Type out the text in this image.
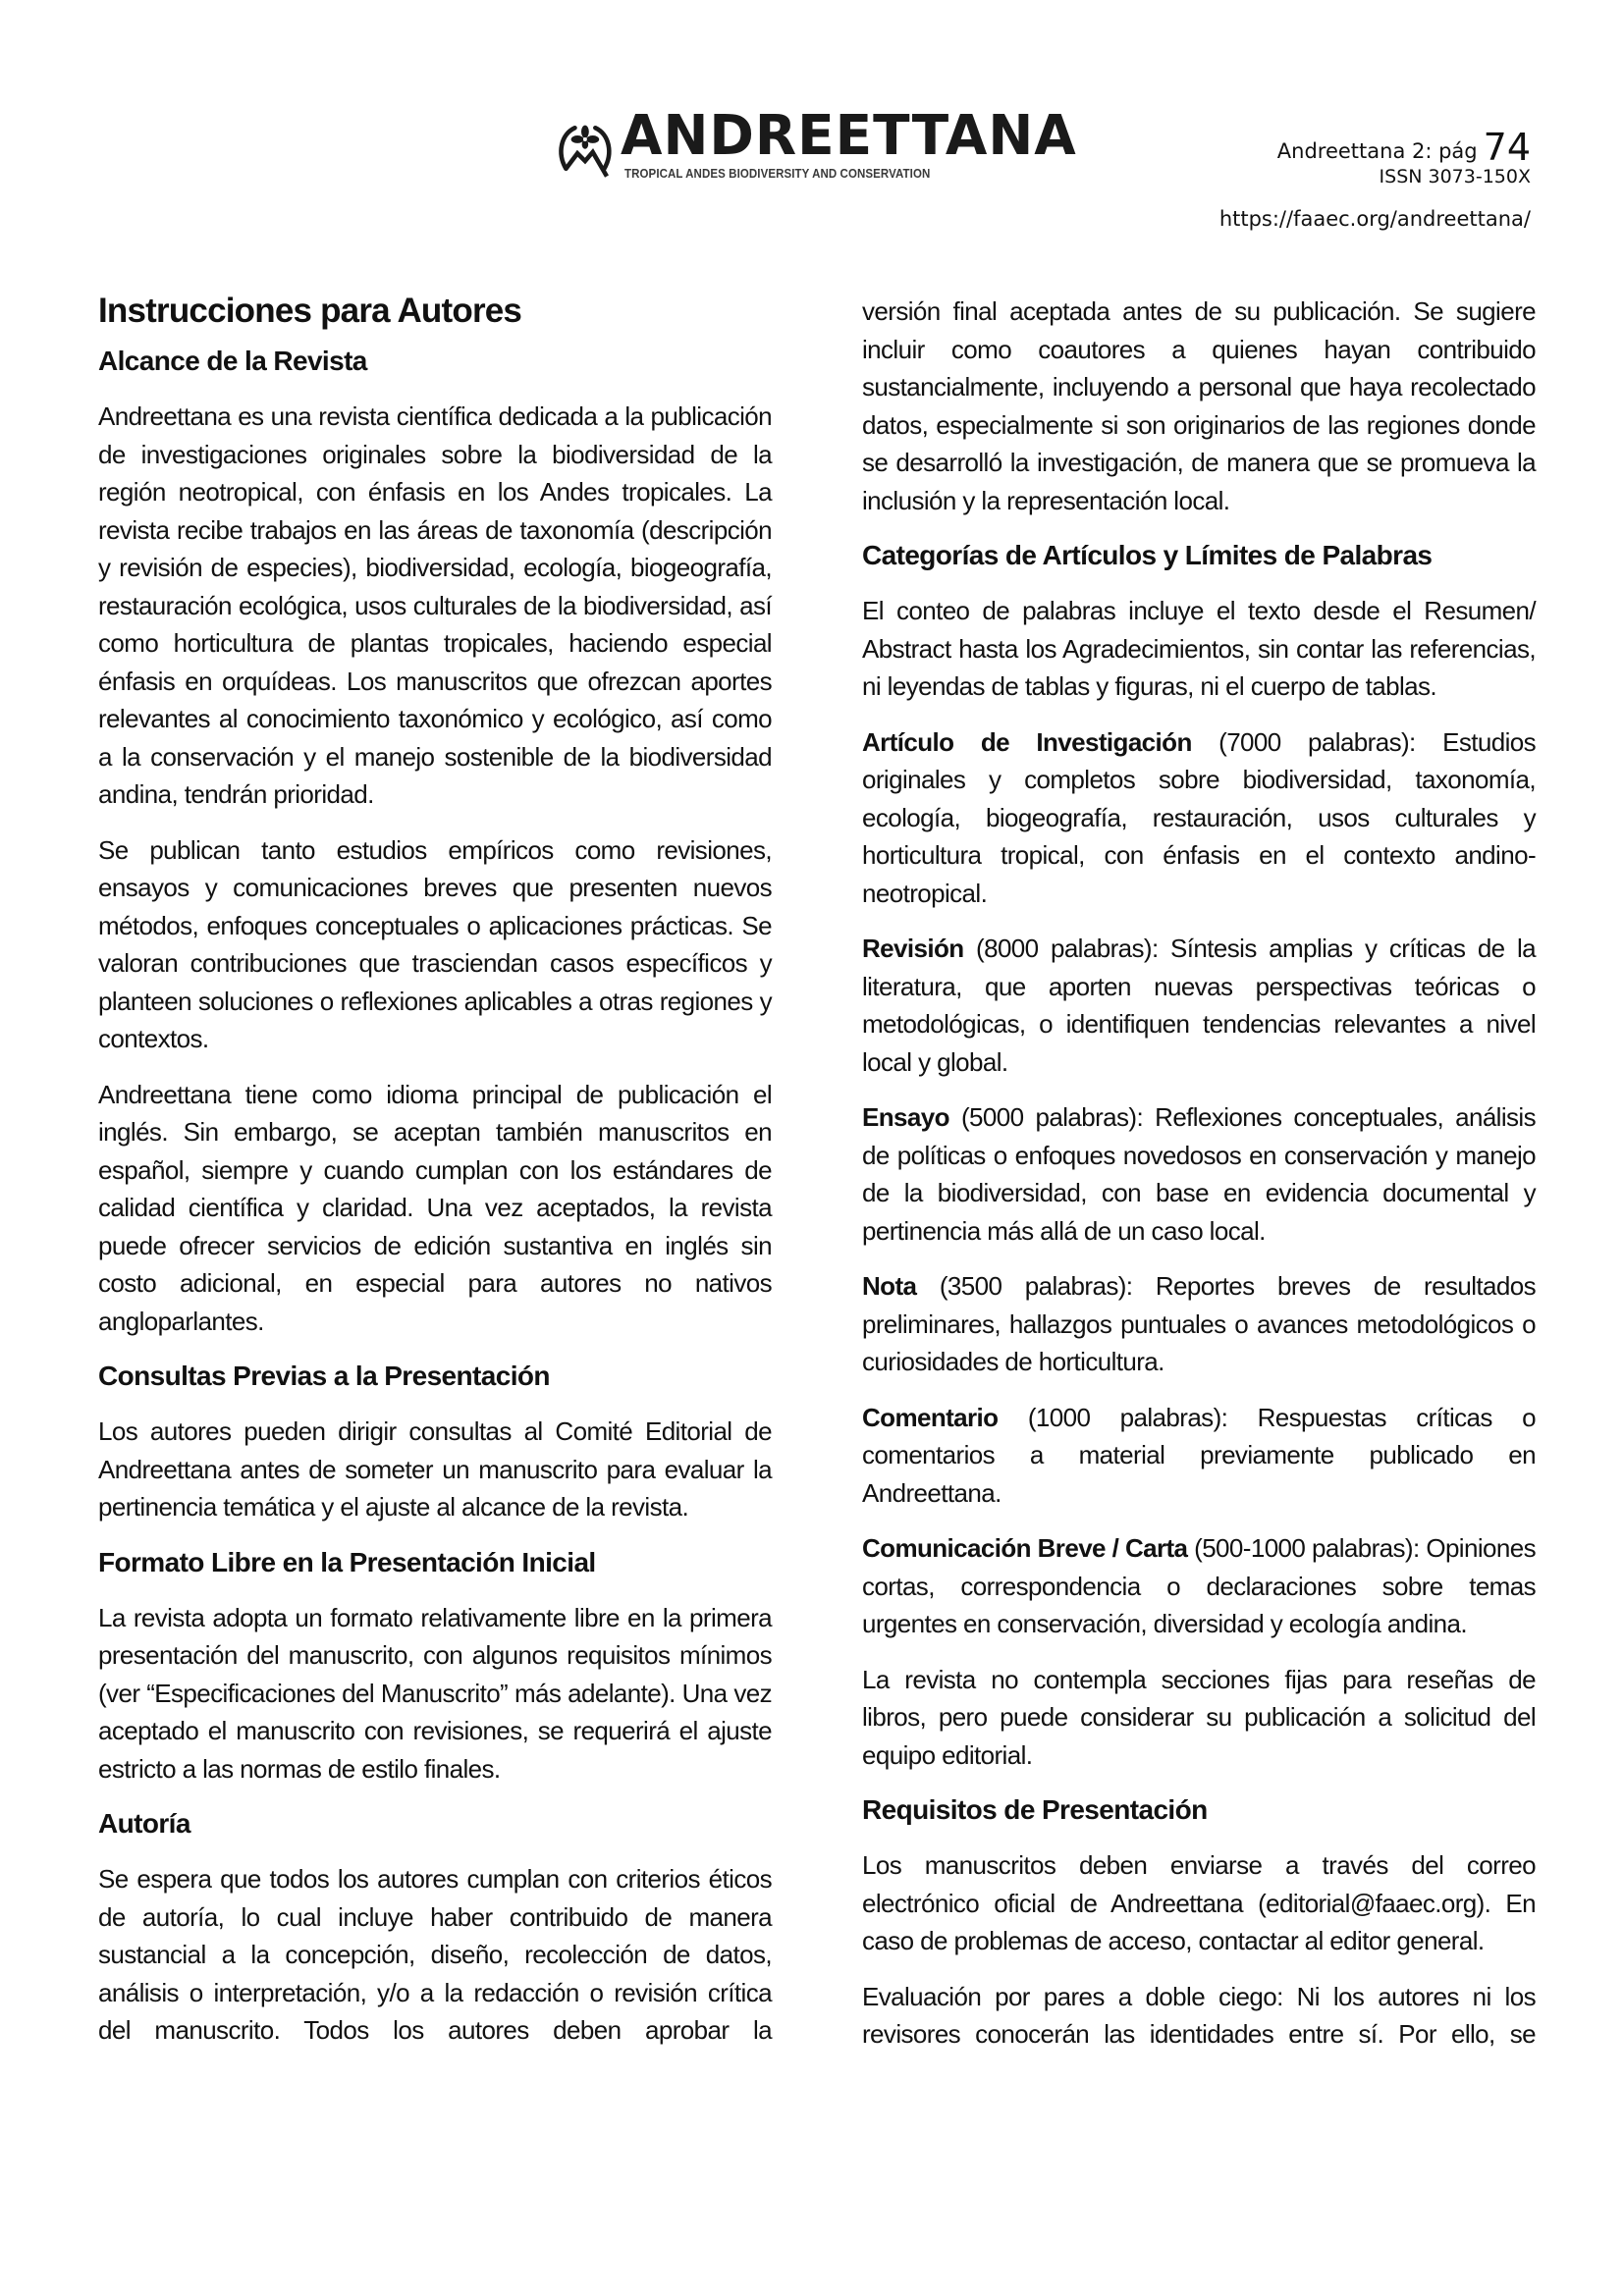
ANDREETTANA
TROPICAL ANDES BIODIVERSITY AND CONSERVATION
Andreettana 2: pág 74
ISSN 3073-150X
https://faaec.org/andreettana/
Instrucciones para Autores
Alcance de la Revista

Andreettana es una revista científica dedicada a la publicación de investigaciones originales sobre la biodiversidad de la región neotropical, con énfasis en los Andes tropicales. La revista recibe trabajos en las áreas de taxonomía (descripción y revisión de especies), biodiversidad, ecología, biogeografía, restauración ecológica, usos culturales de la biodiversidad, así como horticultura de plantas tropicales, haciendo especial énfasis en orquídeas. Los manuscritos que ofrezcan aportes relevantes al conocimiento taxonómico y ecológico, así como a la conservación y el manejo sostenible de la biodiversidad andina, tendrán prioridad.

Se publican tanto estudios empíricos como revisiones, ensayos y comunicaciones breves que presenten nuevos métodos, enfoques conceptuales o aplicaciones prácticas. Se valoran contribuciones que trasciendan casos específicos y planteen soluciones o reflexiones aplicables a otras regiones y contextos.

Andreettana tiene como idioma principal de publicación el inglés. Sin embargo, se aceptan también manuscritos en español, siempre y cuando cumplan con los estándares de calidad científica y claridad. Una vez aceptados, la revista puede ofrecer servicios de edición sustantiva en inglés sin costo adicional, en especial para autores no nativos angloparlantes.

Consultas Previas a la Presentación

Los autores pueden dirigir consultas al Comité Editorial de Andreettana antes de someter un manuscrito para evaluar la pertinencia temática y el ajuste al alcance de la revista.

Formato Libre en la Presentación Inicial

La revista adopta un formato relativamente libre en la primera presentación del manuscrito, con algunos requisitos mínimos (ver “Especificaciones del Manuscrito” más adelante). Una vez aceptado el manuscrito con revisiones, se requerirá el ajuste estricto a las normas de estilo finales.

Autoría

Se espera que todos los autores cumplan con criterios éticos de autoría, lo cual incluye haber contribuido de manera sustancial a la concepción, diseño, recolección de datos, análisis o interpretación, y/o a la redacción o revisión crítica del manuscrito. Todos los autores deben aprobar la

versión final aceptada antes de su publicación. Se sugiere incluir como coautores a quienes hayan contribuido sustancialmente, incluyendo a personal que haya recolectado datos, especialmente si son originarios de las regiones donde se desarrolló la investigación, de manera que se promueva la inclusión y la representación local.

Categorías de Artículos y Límites de Palabras

El conteo de palabras incluye el texto desde el Resumen/ Abstract hasta los Agradecimientos, sin contar las referencias, ni leyendas de tablas y figuras, ni el cuerpo de tablas.

Artículo de Investigación (7000 palabras): Estudios originales y completos sobre biodiversidad, taxonomía, ecología, biogeografía, restauración, usos culturales y horticultura tropical, con énfasis en el contexto andino-neotropical.

Revisión (8000 palabras): Síntesis amplias y críticas de la literatura, que aporten nuevas perspectivas teóricas o metodológicas, o identifiquen tendencias relevantes a nivel local y global.

Ensayo (5000 palabras): Reflexiones conceptuales, análisis de políticas o enfoques novedosos en conservación y manejo de la biodiversidad, con base en evidencia documental y pertinencia más allá de un caso local.

Nota (3500 palabras): Reportes breves de resultados preliminares, hallazgos puntuales o avances metodológicos o curiosidades de horticultura.

Comentario (1000 palabras): Respuestas críticas o comentarios a material previamente publicado en Andreettana.

Comunicación Breve / Carta (500-1000 palabras): Opiniones cortas, correspondencia o declaraciones sobre temas urgentes en conservación, diversidad y ecología andina.

La revista no contempla secciones fijas para reseñas de libros, pero puede considerar su publicación a solicitud del equipo editorial.

Requisitos de Presentación

Los manuscritos deben enviarse a través del correo electrónico oficial de Andreettana (editorial@faaec.org). En caso de problemas de acceso, contactar al editor general.

Evaluación por pares a doble ciego: Ni los autores ni los revisores conocerán las identidades entre sí. Por ello, se
